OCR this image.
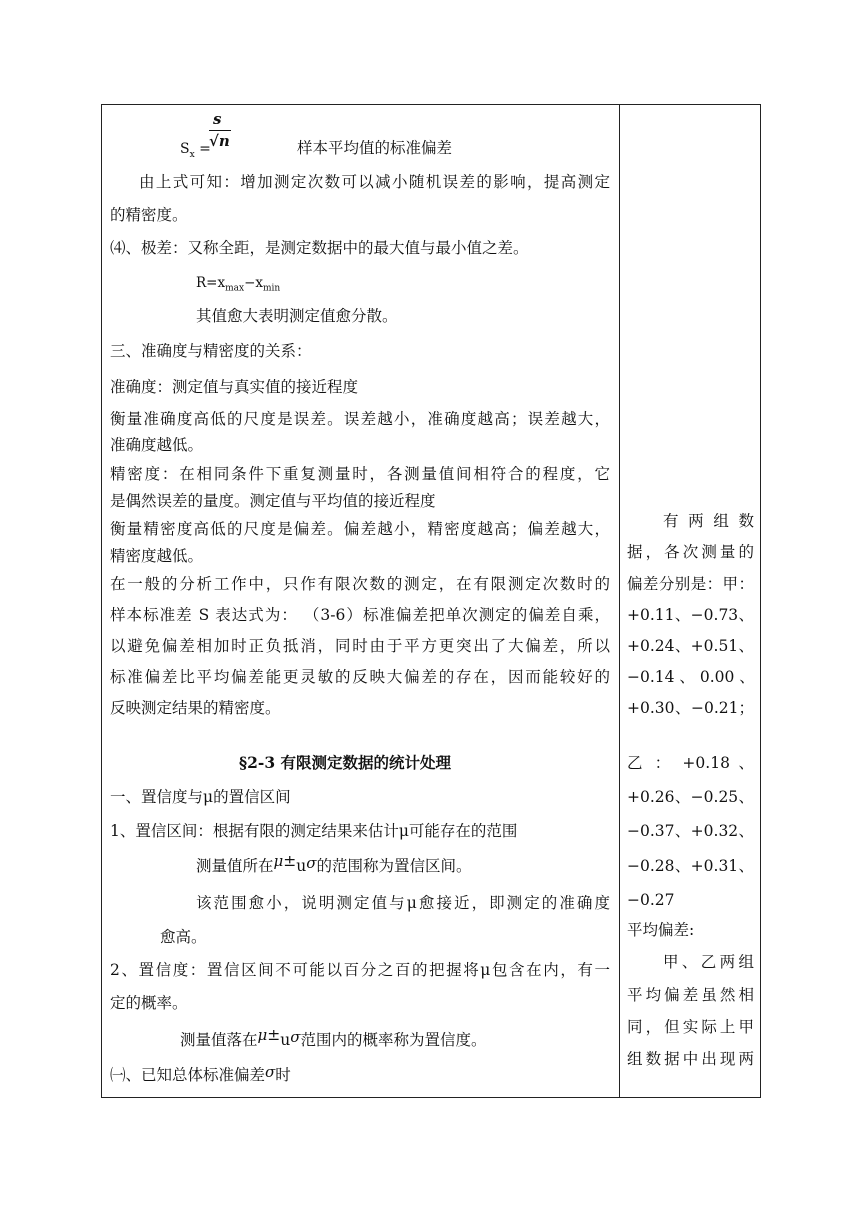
s
$S_x$ =
√n	样本平均值的标准偏差
由上式可知：增加测定次数可以减小随机误差的影响，提高测定
的精密度。
⑷、极差：又称全距，是测定数据中的最大值与最小值之差。
$R=x_{max}-x_{min}$
其值愈大表明测定值愈分散。
三、准确度与精密度的关系：
准确度：测定值与真实值的接近程度
衡量准确度高低的尺度是误差。误差越小，准确度越高；误差越大，
准确度越低。
精密度：在相同条件下重复测量时，各测量值间相符合的程度，它
是偶然误差的量度。测定值与平均值的接近程度
衡量精密度高低的尺度是偏差。偏差越小，精密度越高；偏差越大，
精密度越低。
在一般的分析工作中，只作有限次数的测定，在有限测定次数时的
样本标准差 S 表达式为： （3-6）标准偏差把单次测定的偏差自乘，
以避免偏差相加时正负抵消，同时由于平方更突出了大偏差，所以
标准偏差比平均偏差能更灵敏的反映大偏差的存在，因而能较好的
反映测定结果的精密度。
§2-3 有限测定数据的统计处理
一、置信度与μ的置信区间
1、置信区间：根据有限的测定结果来估计μ可能存在的范围
测量值所在μ±uσ的范围称为置信区间。
该范围愈小，说明测定值与μ愈接近，即测定的准确度
愈高。
2、置信度：置信区间不可能以百分之百的把握将μ包含在内，有一
定的概率。
测量值落在μ±uσ范围内的概率称为置信度。
㈠、已知总体标准偏差σ时
有 两 组 数
据，各次测量的
偏差分别是：甲：
+0.11、−0.73、
+0.24、+0.51、
−0.14 、 0.00 、
+0.30、−0.21；
乙 ： +0.18 、
+0.26、−0.25、
−0.37、+0.32、
−0.28、+0.31、
−0.27
平均偏差:
甲、乙两组
平均偏差虽然相
同，但实际上甲
组数据中出现两
